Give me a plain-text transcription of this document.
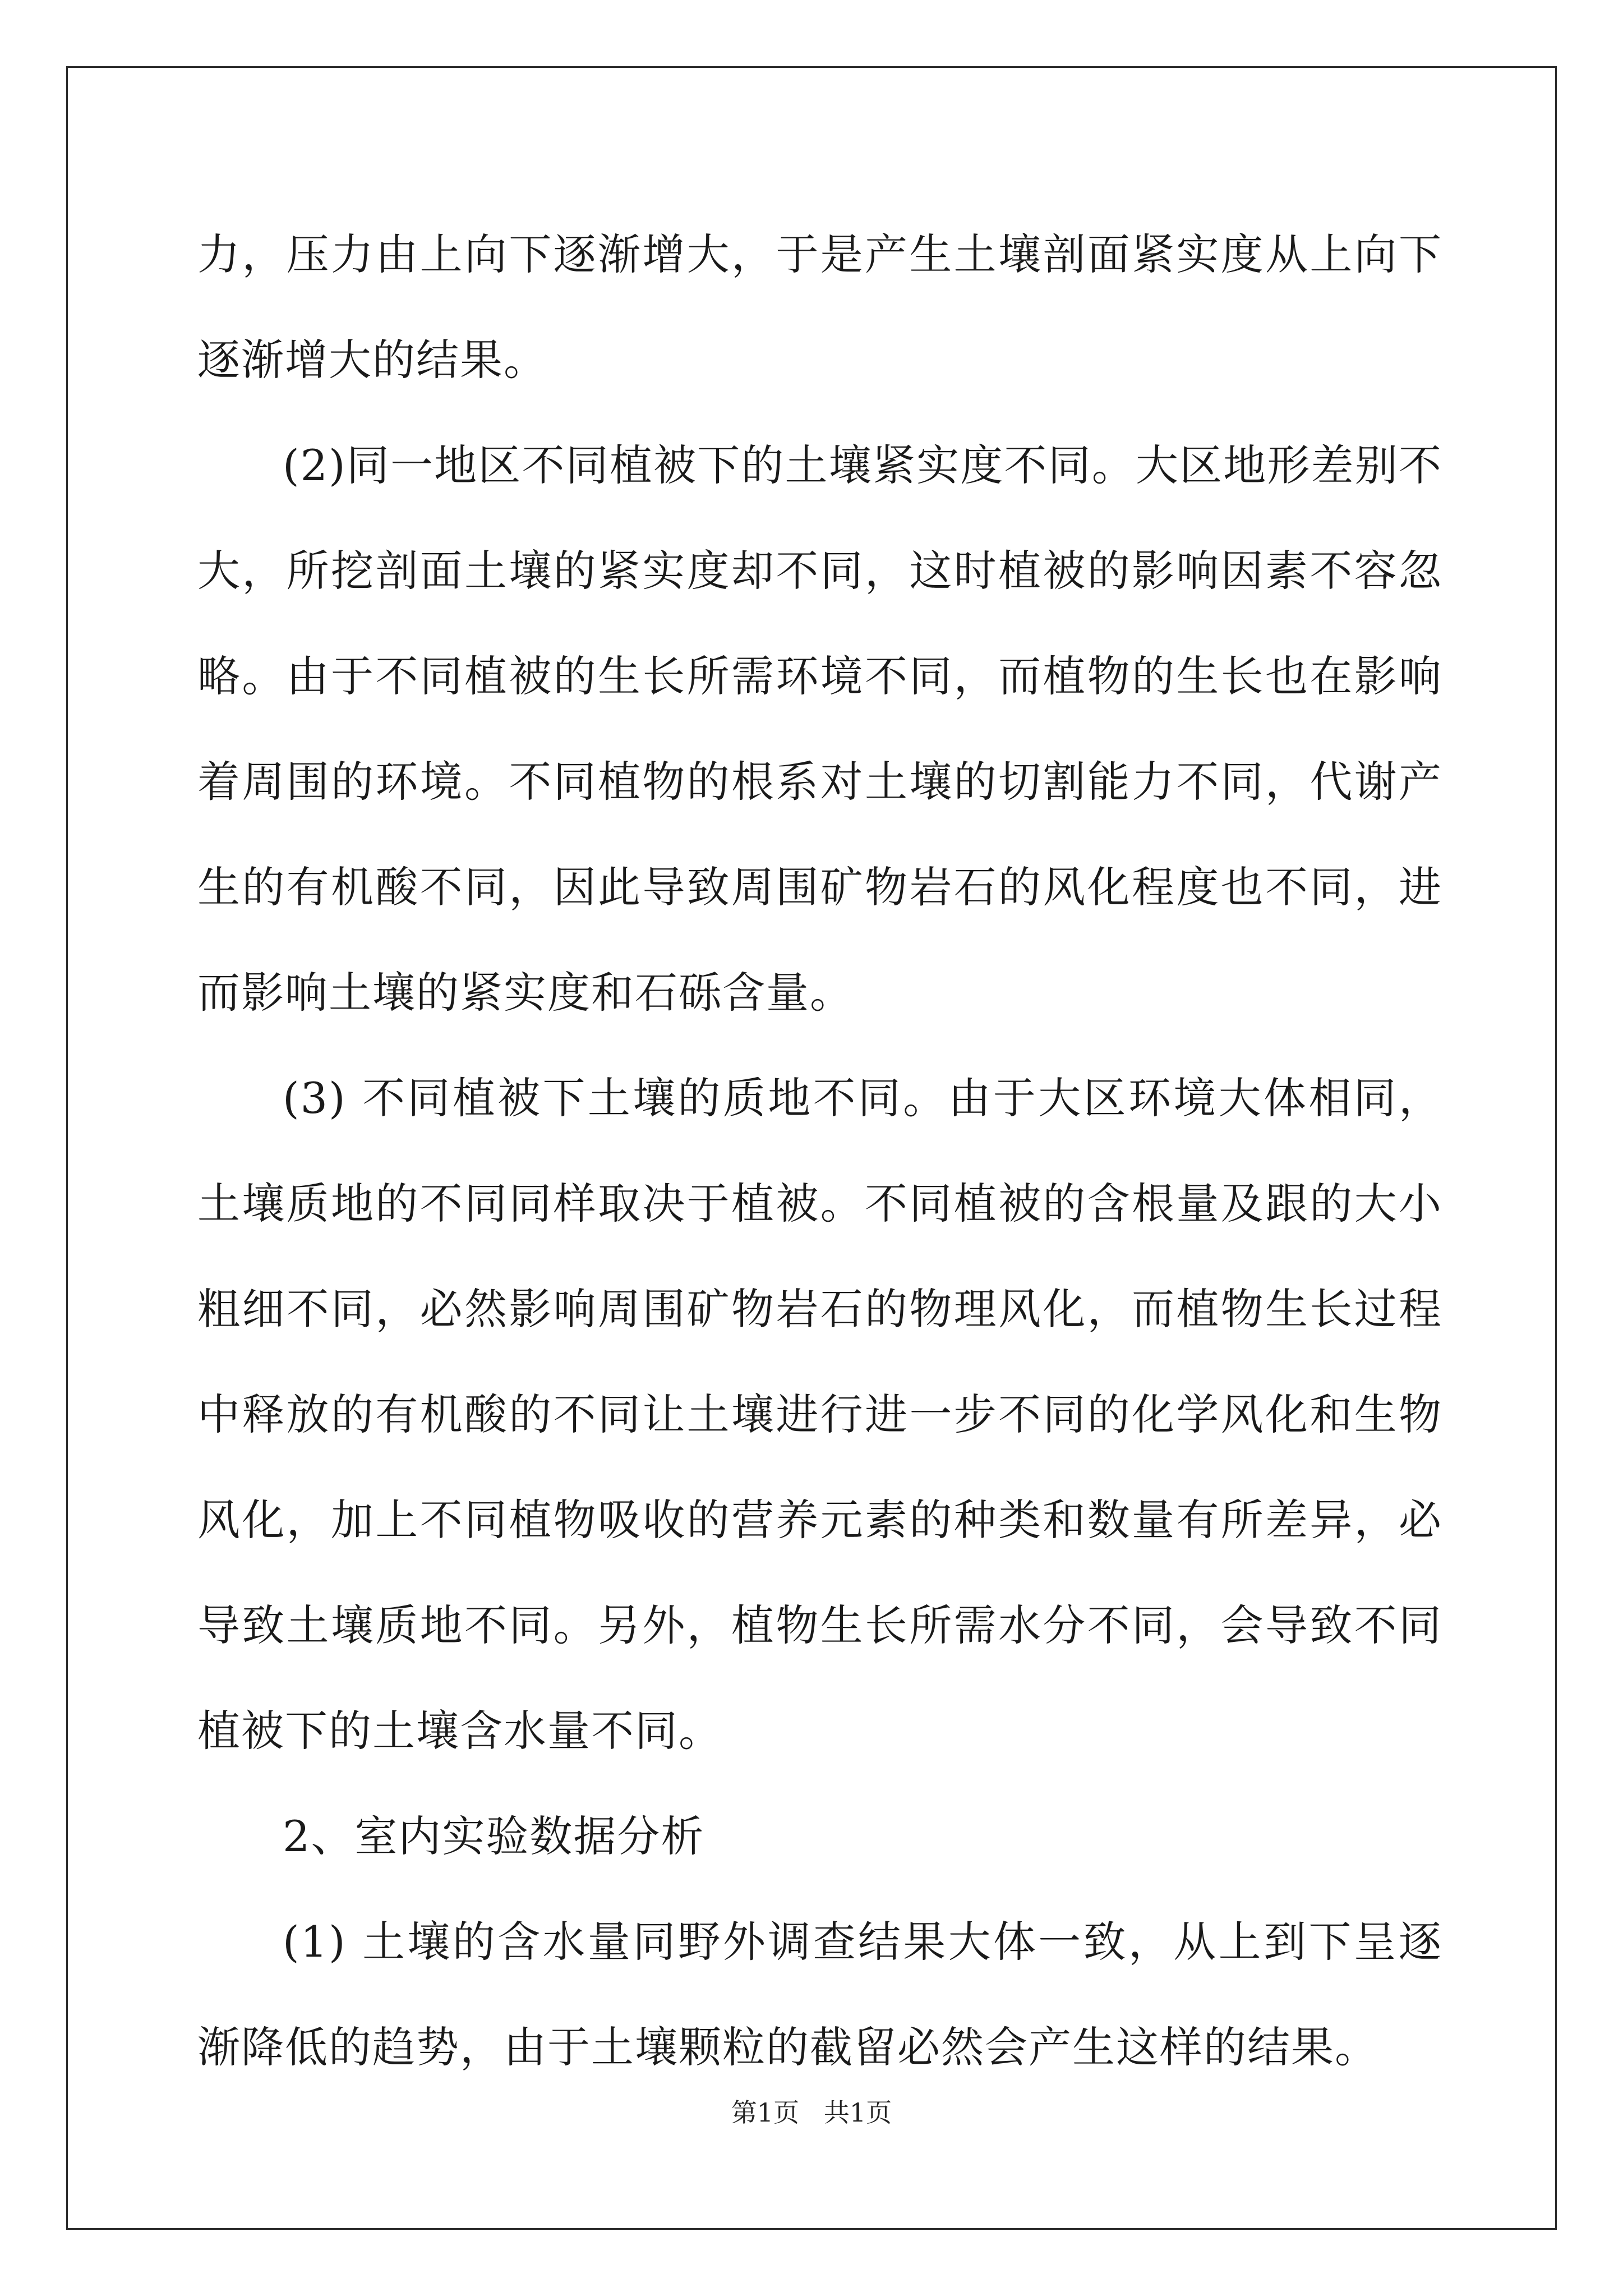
力，压力由上向下逐渐增大，于是产生土壤剖面紧实度从上向下逐渐增大的结果。

(2)同一地区不同植被下的土壤紧实度不同。大区地形差别不大，所挖剖面土壤的紧实度却不同，这时植被的影响因素不容忽略。由于不同植被的生长所需环境不同，而植物的生长也在影响着周围的环境。不同植物的根系对土壤的切割能力不同，代谢产生的有机酸不同，因此导致周围矿物岩石的风化程度也不同，进而影响土壤的紧实度和石砾含量。

(3) 不同植被下土壤的质地不同。由于大区环境大体相同，土壤质地的不同同样取决于植被。不同植被的含根量及跟的大小粗细不同，必然影响周围矿物岩石的物理风化，而植物生长过程中释放的有机酸的不同让土壤进行进一步不同的化学风化和生物风化，加上不同植物吸收的营养元素的种类和数量有所差异，必导致土壤质地不同。另外，植物生长所需水分不同，会导致不同植被下的土壤含水量不同。

2、室内实验数据分析

(1) 土壤的含水量同野外调查结果大体一致，从上到下呈逐渐降低的趋势，由于土壤颗粒的截留必然会产生这样的结果。

第1页   共1页
